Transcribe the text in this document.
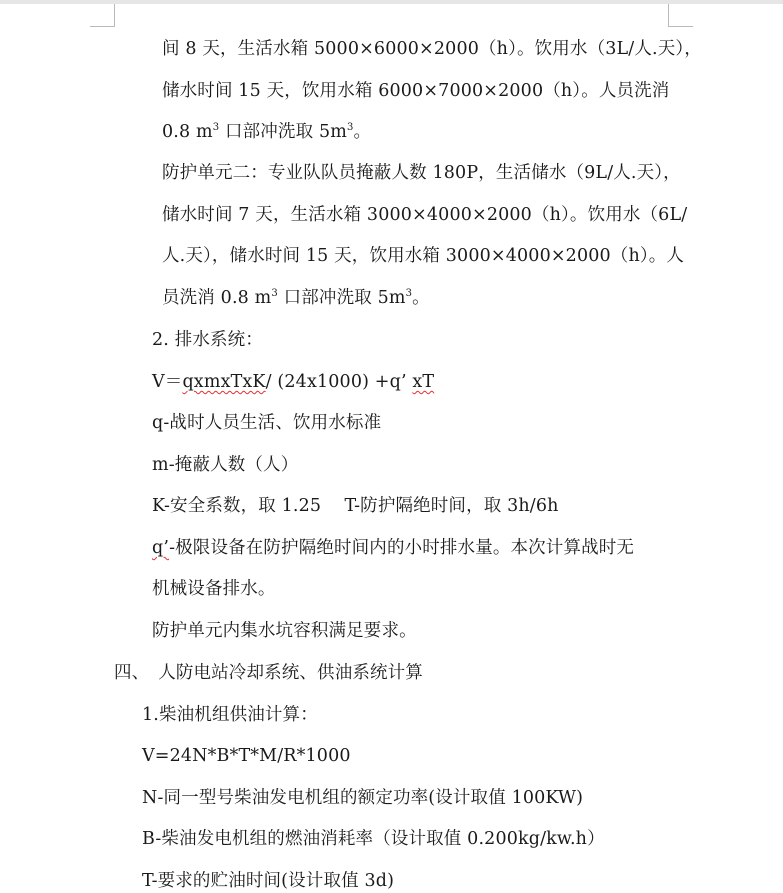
间 8 天，生活水箱 5000×6000×2000（h）。饮用水（3L/人.天），
储水时间 15 天，饮用水箱 6000×7000×2000（h）。人员洗消
0.8 $m^3$ 口部冲洗取 $5m^3$。
防护单元二：专业队队员掩蔽人数 180P，生活储水（9L/人.天），
储水时间 7 天，生活水箱 3000×4000×2000（h）。饮用水（6L/
人.天），储水时间 15 天，饮用水箱 3000×4000×2000（h）。人
员洗消 0.8 $m^3$ 口部冲洗取 $5m^3$。
2. 排水系统：
V＝qxmxTxK/ (24x1000) +q’ xT
q-战时人员生活、饮用水标准
m-掩蔽人数（人）
K-安全系数，取 1.25　 T-防护隔绝时间，取 3h/6h
q’-极限设备在防护隔绝时间内的小时排水量。本次计算战时无
机械设备排水。
防护单元内集水坑容积满足要求。
四、　人防电站冷却系统、供油系统计算
1.柴油机组供油计算：
V=24N*B*T*M/R*1000
N-同一型号柴油发电机组的额定功率(设计取值 100KW)
B-柴油发电机组的燃油消耗率（设计取值 0.200kg/kw.h）
T-要求的贮油时间(设计取值 3d)
